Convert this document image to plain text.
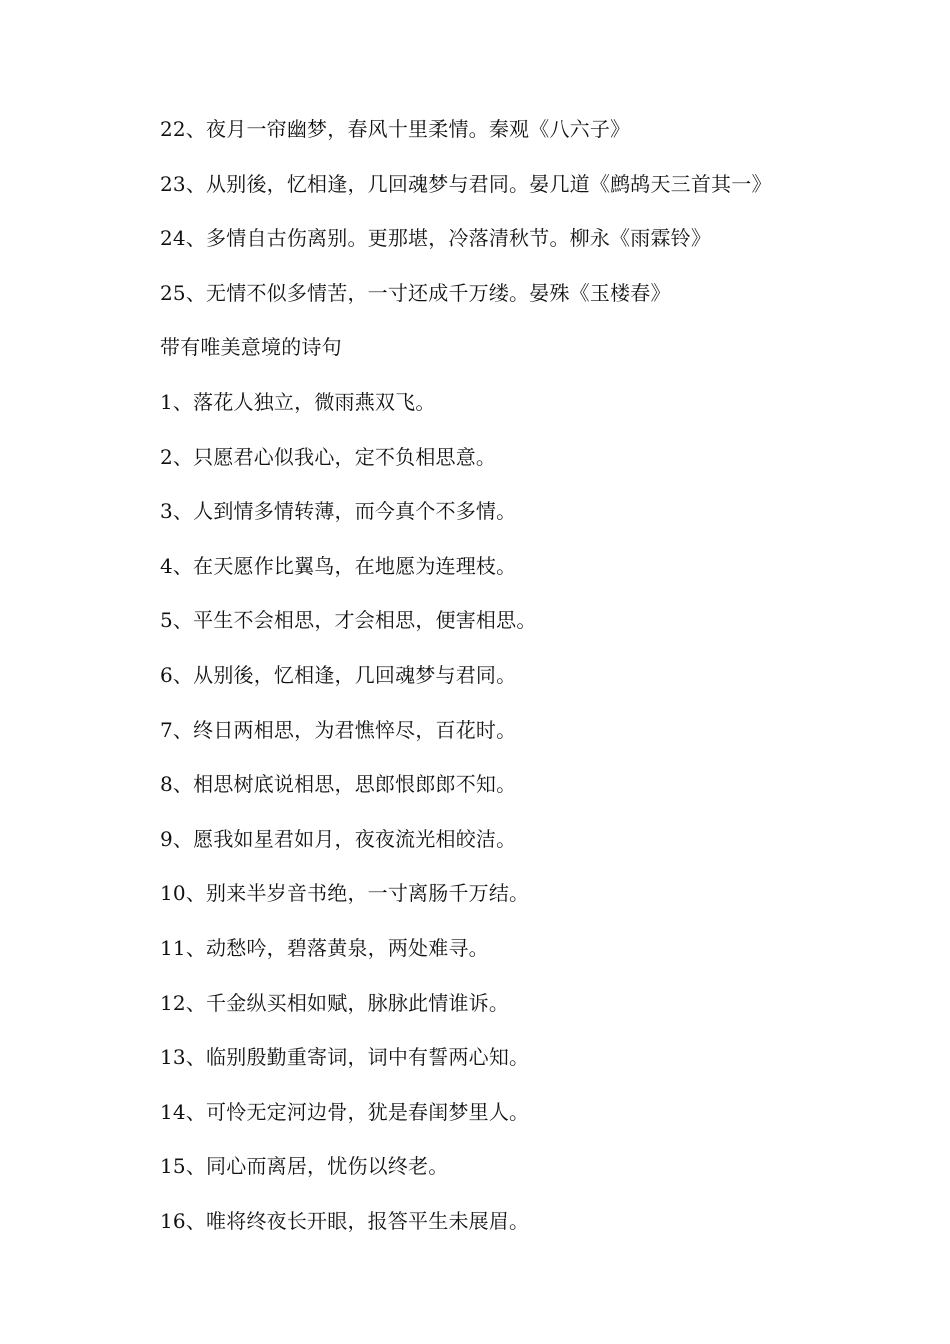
22、夜月一帘幽梦，春风十里柔情。秦观《八六子》
23、从别後，忆相逢，几回魂梦与君同。晏几道《鹧鸪天三首其一》
24、多情自古伤离别。更那堪，冷落清秋节。柳永《雨霖铃》
25、无情不似多情苦，一寸还成千万缕。晏殊《玉楼春》
带有唯美意境的诗句
1、落花人独立，微雨燕双飞。
2、只愿君心似我心，定不负相思意。
3、人到情多情转薄，而今真个不多情。
4、在天愿作比翼鸟，在地愿为连理枝。
5、平生不会相思，才会相思，便害相思。
6、从别後，忆相逢，几回魂梦与君同。
7、终日两相思，为君憔悴尽，百花时。
8、相思树底说相思，思郎恨郎郎不知。
9、愿我如星君如月，夜夜流光相皎洁。
10、别来半岁音书绝，一寸离肠千万结。
11、动愁吟，碧落黄泉，两处难寻。
12、千金纵买相如赋，脉脉此情谁诉。
13、临别殷勤重寄词，词中有誓两心知。
14、可怜无定河边骨，犹是春闺梦里人。
15、同心而离居，忧伤以终老。
16、唯将终夜长开眼，报答平生未展眉。
